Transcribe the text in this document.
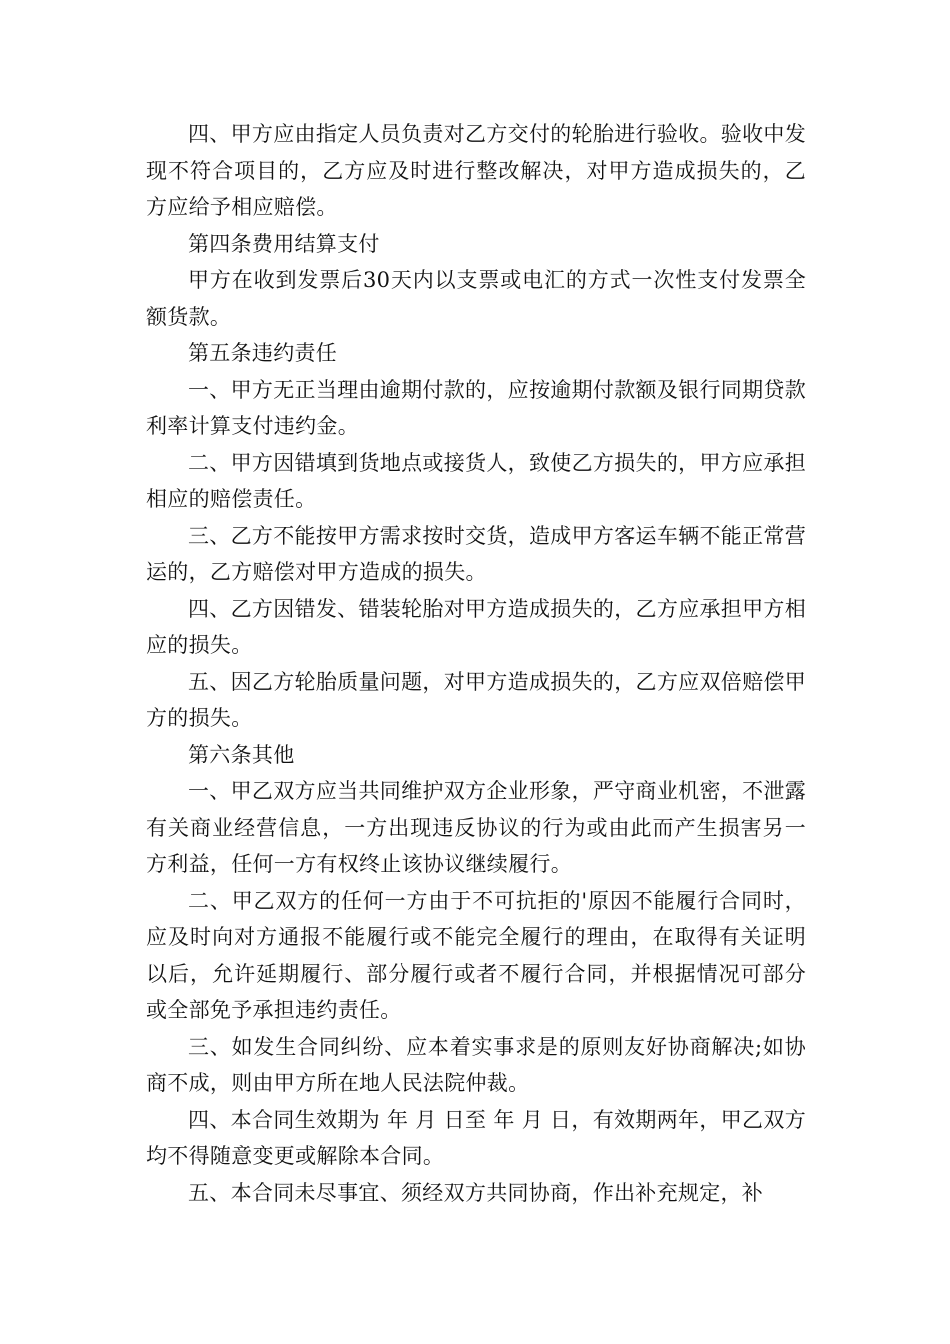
四、甲方应由指定人员负责对乙方交付的轮胎进行验收。验收中发现不符合项目的，乙方应及时进行整改解决，对甲方造成损失的，乙方应给予相应赔偿。

第四条费用结算支付

甲方在收到发票后30天内以支票或电汇的方式一次性支付发票全额货款。

第五条违约责任

一、甲方无正当理由逾期付款的，应按逾期付款额及银行同期贷款利率计算支付违约金。

二、甲方因错填到货地点或接货人，致使乙方损失的，甲方应承担相应的赔偿责任。

三、乙方不能按甲方需求按时交货，造成甲方客运车辆不能正常营运的，乙方赔偿对甲方造成的损失。

四、乙方因错发、错装轮胎对甲方造成损失的，乙方应承担甲方相应的损失。

五、因乙方轮胎质量问题，对甲方造成损失的，乙方应双倍赔偿甲方的损失。

第六条其他

一、甲乙双方应当共同维护双方企业形象，严守商业机密，不泄露有关商业经营信息，一方出现违反协议的行为或由此而产生损害另一方利益，任何一方有权终止该协议继续履行。

二、甲乙双方的任何一方由于不可抗拒的'原因不能履行合同时，应及时向对方通报不能履行或不能完全履行的理由，在取得有关证明以后，允许延期履行、部分履行或者不履行合同，并根据情况可部分或全部免予承担违约责任。

三、如发生合同纠纷、应本着实事求是的原则友好协商解决;如协商不成，则由甲方所在地人民法院仲裁。

四、本合同生效期为 年 月 日至 年 月 日，有效期两年，甲乙双方均不得随意变更或解除本合同。

五、本合同未尽事宜、须经双方共同协商，作出补充规定，补
